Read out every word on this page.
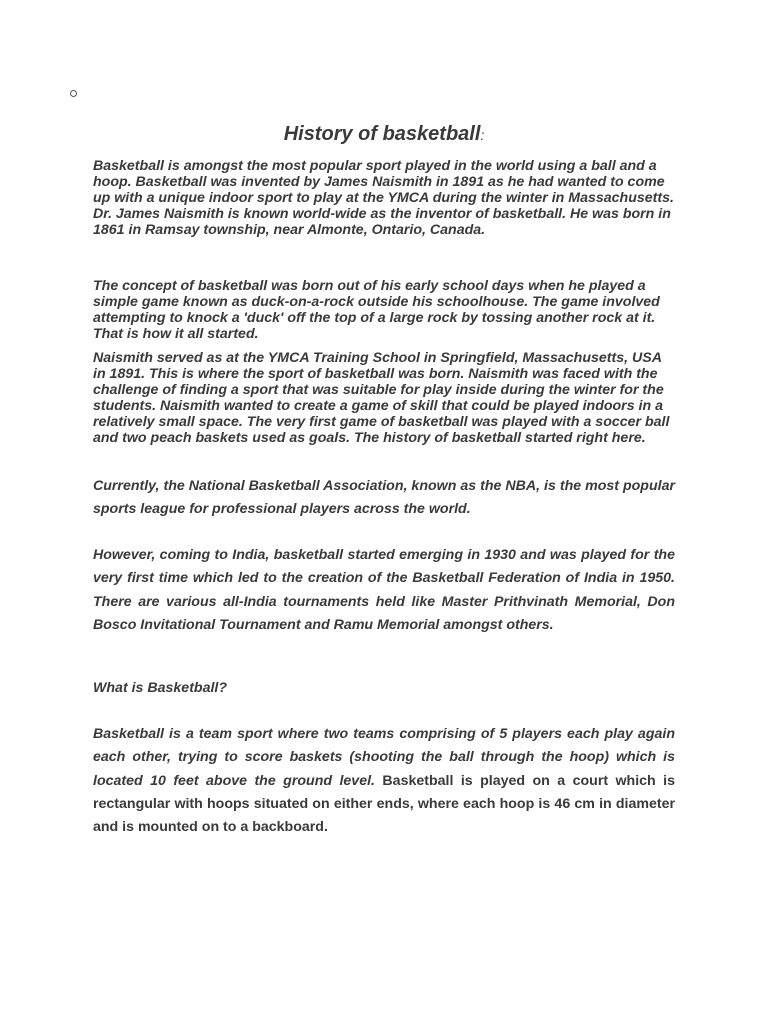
History of basketball:

Basketball is amongst the most popular sport played in the world using a ball and a hoop. Basketball was invented by James Naismith in 1891 as he had wanted to come up with a unique indoor sport to play at the YMCA during the winter in Massachusetts. Dr. James Naismith is known world-wide as the inventor of basketball. He was born in 1861 in Ramsay township, near Almonte, Ontario, Canada.

The concept of basketball was born out of his early school days when he played a simple game known as duck-on-a-rock outside his schoolhouse. The game involved attempting to knock a 'duck' off the top of a large rock by tossing another rock at it. That is how it all started.

Naismith served as at the YMCA Training School in Springfield, Massachusetts, USA in 1891. This is where the sport of basketball was born. Naismith was faced with the challenge of finding a sport that was suitable for play inside during the winter for the students. Naismith wanted to create a game of skill that could be played indoors in a relatively small space. The very first game of basketball was played with a soccer ball and two peach baskets used as goals. The history of basketball started right here.

Currently, the National Basketball Association, known as the NBA, is the most popular sports league for professional players across the world.

However, coming to India, basketball started emerging in 1930 and was played for the very first time which led to the creation of the Basketball Federation of India in 1950. There are various all-India tournaments held like Master Prithvinath Memorial, Don Bosco Invitational Tournament and Ramu Memorial amongst others.

What is Basketball?

Basketball is a team sport where two teams comprising of 5 players each play again each other, trying to score baskets (shooting the ball through the hoop) which is located 10 feet above the ground level. Basketball is played on a court which is rectangular with hoops situated on either ends, where each hoop is 46 cm in diameter and is mounted on to a backboard.
